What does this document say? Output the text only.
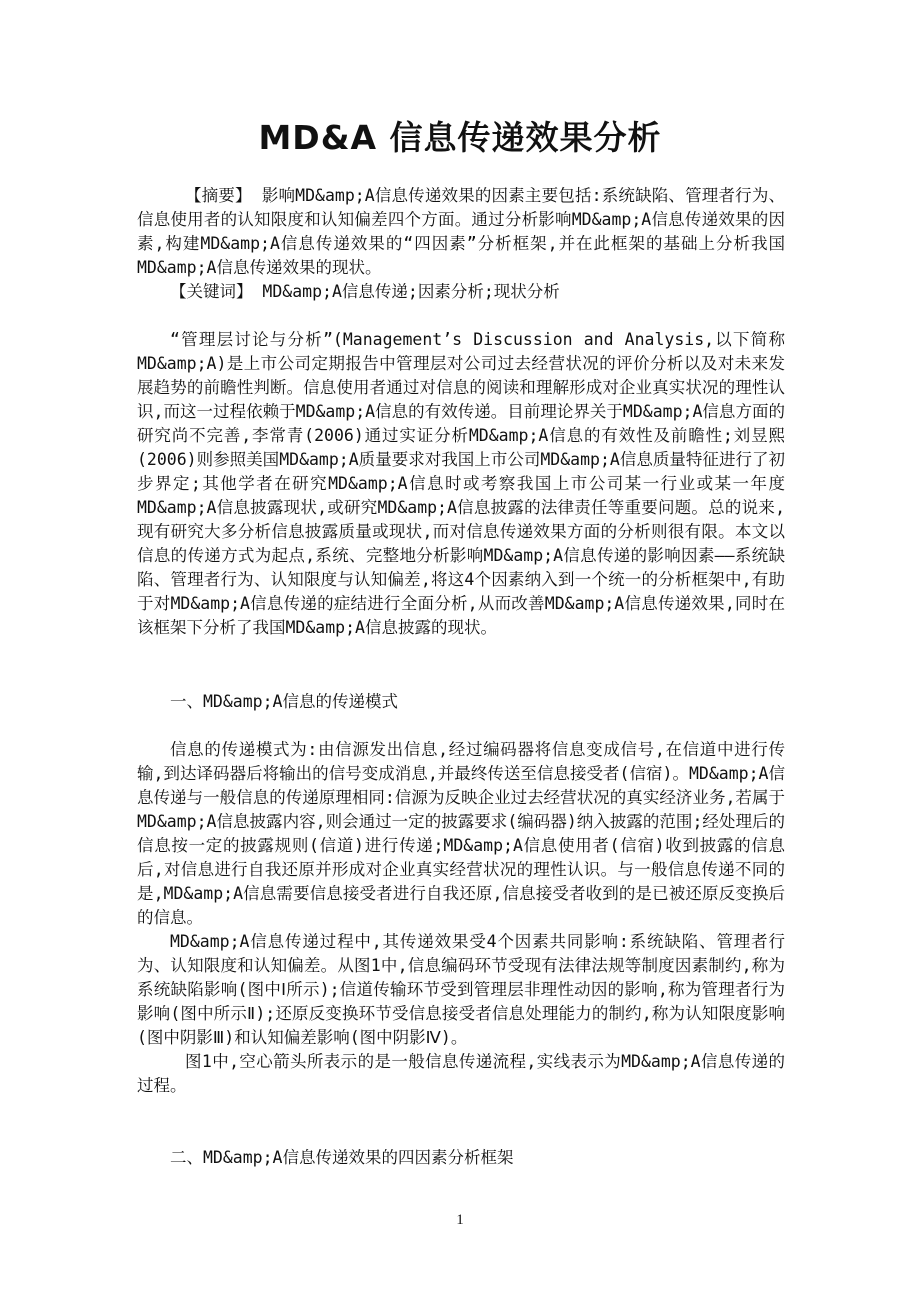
MD&A 信息传递效果分析

【摘要】 影响MD&amp;A信息传递效果的因素主要包括:系统缺陷、管理者行为、信息使用者的认知限度和认知偏差四个方面。通过分析影响MD&amp;A信息传递效果的因素,构建MD&amp;A信息传递效果的“四因素”分析框架,并在此框架的基础上分析我国MD&amp;A信息传递效果的现状。

【关键词】 MD&amp;A信息传递;因素分析;现状分析

“管理层讨论与分析”(Management’s Discussion and Analysis,以下简称MD&amp;A)是上市公司定期报告中管理层对公司过去经营状况的评价分析以及对未来发展趋势的前瞻性判断。信息使用者通过对信息的阅读和理解形成对企业真实状况的理性认识,而这一过程依赖于MD&amp;A信息的有效传递。目前理论界关于MD&amp;A信息方面的研究尚不完善,李常青(2006)通过实证分析MD&amp;A信息的有效性及前瞻性;刘昱熙(2006)则参照美国MD&amp;A质量要求对我国上市公司MD&amp;A信息质量特征进行了初步界定;其他学者在研究MD&amp;A信息时或考察我国上市公司某一行业或某一年度MD&amp;A信息披露现状,或研究MD&amp;A信息披露的法律责任等重要问题。总的说来,现有研究大多分析信息披露质量或现状,而对信息传递效果方面的分析则很有限。本文以信息的传递方式为起点,系统、完整地分析影响MD&amp;A信息传递的影响因素——系统缺陷、管理者行为、认知限度与认知偏差,将这4个因素纳入到一个统一的分析框架中,有助于对MD&amp;A信息传递的症结进行全面分析,从而改善MD&amp;A信息传递效果,同时在该框架下分析了我国MD&amp;A信息披露的现状。

一、MD&amp;A信息的传递模式

信息的传递模式为:由信源发出信息,经过编码器将信息变成信号,在信道中进行传输,到达译码器后将输出的信号变成消息,并最终传送至信息接受者(信宿)。MD&amp;A信息传递与一般信息的传递原理相同:信源为反映企业过去经营状况的真实经济业务,若属于MD&amp;A信息披露内容,则会通过一定的披露要求(编码器)纳入披露的范围;经处理后的信息按一定的披露规则(信道)进行传递;MD&amp;A信息使用者(信宿)收到披露的信息后,对信息进行自我还原并形成对企业真实经营状况的理性认识。与一般信息传递不同的是,MD&amp;A信息需要信息接受者进行自我还原,信息接受者收到的是已被还原反变换后的信息。

MD&amp;A信息传递过程中,其传递效果受4个因素共同影响:系统缺陷、管理者行为、认知限度和认知偏差。从图1中,信息编码环节受现有法律法规等制度因素制约,称为系统缺陷影响(图中Ⅰ所示);信道传输环节受到管理层非理性动因的影响,称为管理者行为影响(图中所示Ⅱ);还原反变换环节受信息接受者信息处理能力的制约,称为认知限度影响(图中阴影Ⅲ)和认知偏差影响(图中阴影Ⅳ)。

图1中,空心箭头所表示的是一般信息传递流程,实线表示为MD&amp;A信息传递的过程。

二、MD&amp;A信息传递效果的四因素分析框架

1
